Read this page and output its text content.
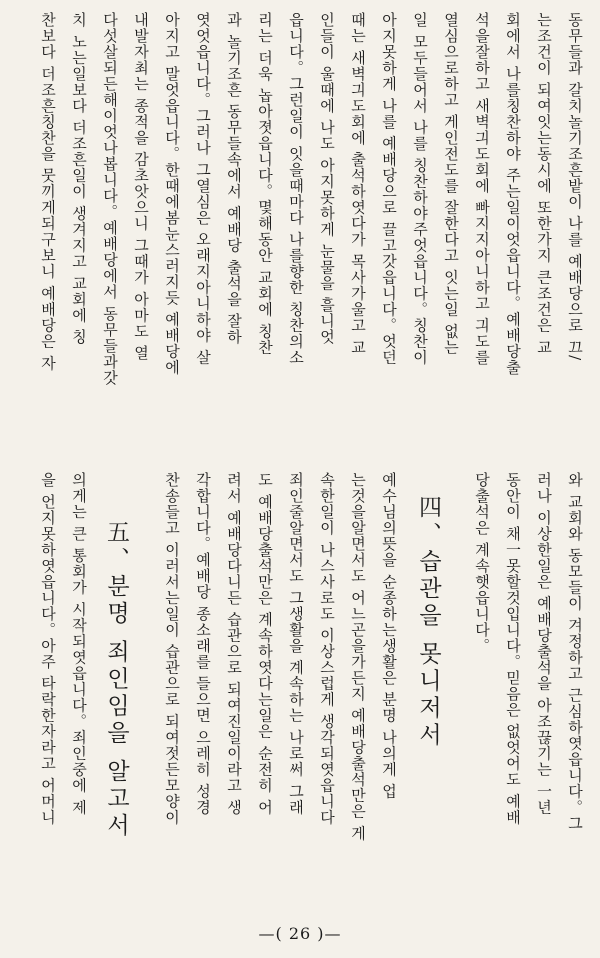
동무들과 갈치놀기조흔밭이 나를 예배당으로 끄/
는조건이 되여잇는동시에 또한가지 큰조건은 교
회에서 나를칭찬하야 주는일이엇읍니다。예배당출
석을잘하고 새벽긔도회에 빠지지아니하고 긔도를
열심으로하고 게인전도를 잘한다고 잇는일 없는
일 모두들어서 나를 칭찬하야주엇읍니다。칭찬이
아지못하게 나를 예배당으로 끌고갓읍니다。엇던
때는 새벽긔도회에 출석하엿다가 목사가울고 교
인들이 울때에 나도 아지못하게 눈물을 흘니엇
읍니다。그런일이 잇을때마다 나를향한 칭찬의소
리는 더욱 놉아졋읍니다。몇해동안 교회에 칭찬
과 놀기조흔 동무들속에서 예배당 출석을 잘하
엿엇읍니다。그러나 그열심은 오래지아니하야 살
아지고 말엇읍니다。한때에봄눈스러지듯 예배당에
내발자최는 종적을 감초앗으니 그때가 아마도 열
다섯살되든해이엇나봅니다。예배당에서 동무들과갓
치 노는일보다 더조흔일이 생겨지고 교회에 칭
찬보다 더조흔칭찬을 뭇끼게되구보니 예배당은 자
와 교회와 동모들이 겨정하고 근심하엿읍니다。그
러나 이상한일은 예배당출석을 아조끊기는 一년
동안이 채一못할것입니다。믿음은 없엇어도 예배
당출석은 계속햇읍니다。
四、습관을 못니저서
예수님의뜻을 순종하는생활은 분명 나의게 업
는것을알면서도 어느곤을가든지 예배당출석만은 게
속한일이 나스사로도 이상스럽게 생각되엿읍니다
죄인줄알면서도 그생활을 계속하는 나로써 그래
도 예배당출석만은 계속하엿다는일은 순전히 어
려서 예배당다니든 습관으로 되여진일이라고 생
각합니다。예배당 종소래를 들으면 으레히 성경
찬송들고 이러서는일이 습관으로 되여젓든모양이
五、분명 죄인임을 알고서
의게는 큰 통회가 시작되엿읍니다。죄인중에 제
을 언지못하엿읍니다。아주 타락한자라고 어머니
—( 26 )—
